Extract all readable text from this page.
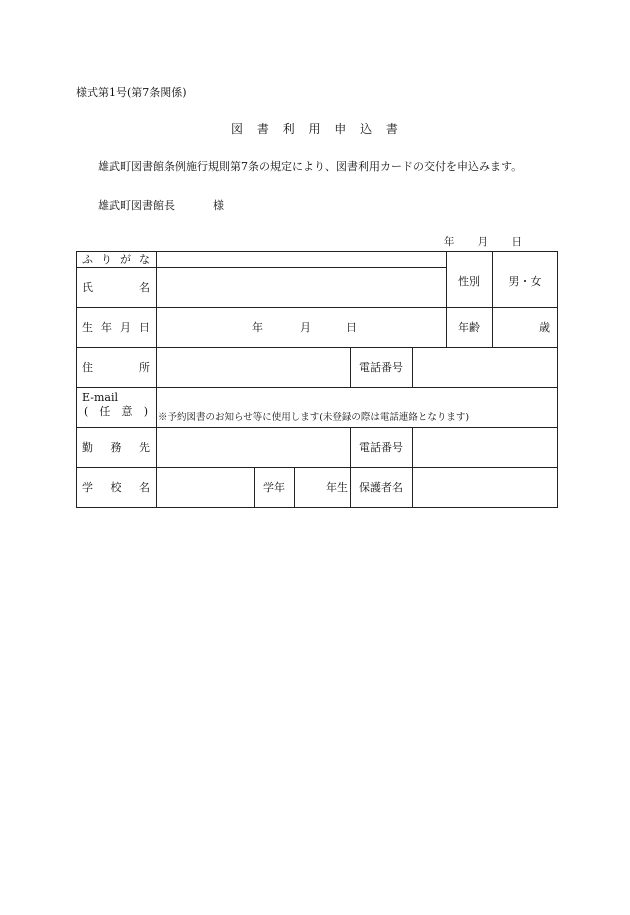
様式第1号(第7条関係)
図 書 利 用 申 込 書
雄武町図書館条例施行規則第7条の規定により、図書利用カードの交付を申込みます。
雄武町図書館長	様
年 月 日
ふりがな
氏名	性別	男・女
生年月日	年	月	日	年齢	歳
住所	電話番号
E-mail
(任意)	※予約図書のお知らせ等に使用します(未登録の際は電話連絡となります)
勤務先	電話番号
学校名	学年	年生	保護者名
